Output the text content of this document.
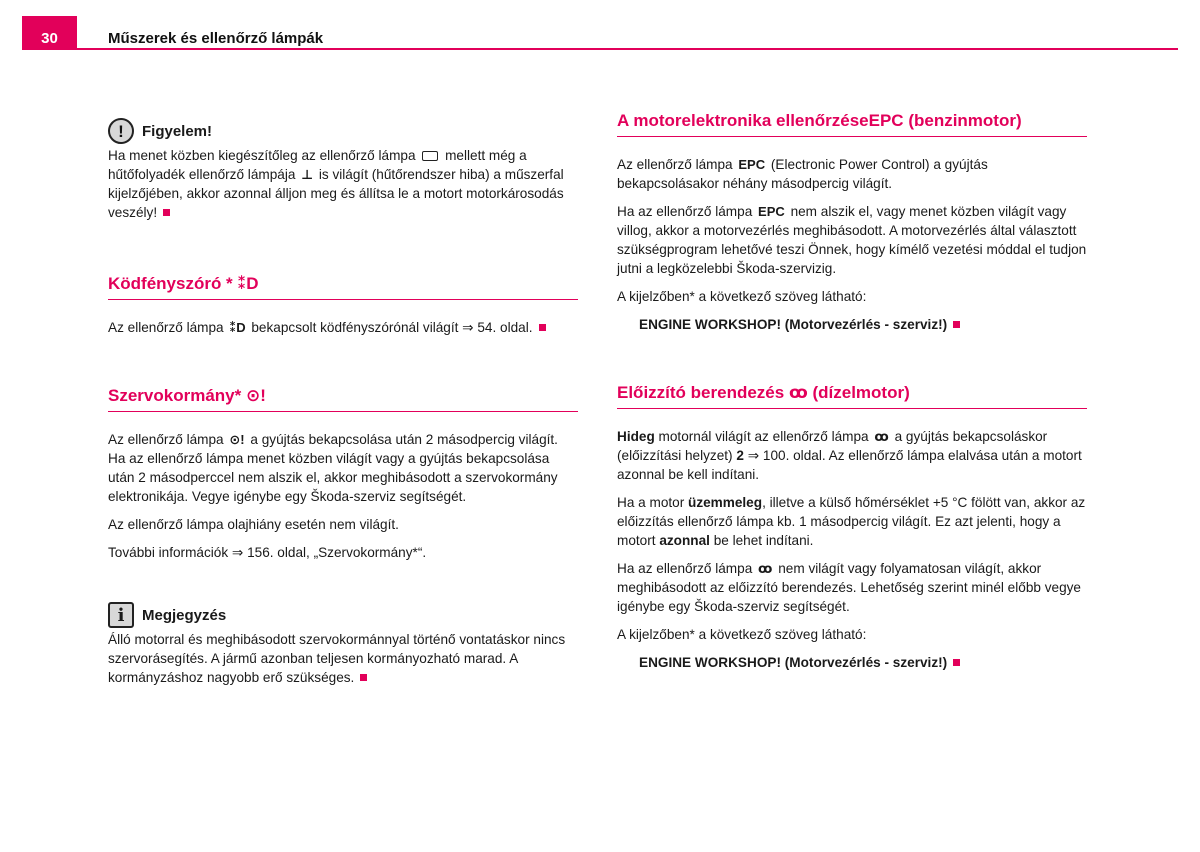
30	Műszerek és ellenőrző lámpák
!	Figyelem!

Ha menet közben kiegészítőleg az ellenőrző lámpa mellett még a hűtőfolyadék ellenőrző lámpája ⊥ is világít (hűtőrendszer hiba) a műszerfal kijelzőjében, akkor azonnal álljon meg és állítsa le a motort motorkárosodás veszély!

Ködfényszóró * ⁑D

Az ellenőrző lámpa ⁑D bekapcsolt ködfényszórónál világít ⇒ 54. oldal.

Szervokormány* ⊙!

Az ellenőrző lámpa ⊙! a gyújtás bekapcsolása után 2 másodpercig világít. Ha az ellenőrző lámpa menet közben világít vagy a gyújtás bekapcsolása után 2 másodperccel nem alszik el, akkor meghibásodott a szervokormány elektronikája. Vegye igénybe egy Škoda-szerviz segítségét.

Az ellenőrző lámpa olajhiány esetén nem világít.

További információk ⇒ 156. oldal, „Szervokormány*“.

i	Megjegyzés

Álló motorral és meghibásodott szervokormánnyal történő vontatáskor nincs szervorásegítés. A jármű azonban teljesen kormányozható marad. A kormányzáshoz nagyobb erő szükséges.

A motorelektronika ellenőrzéseEPC (benzinmotor)

Az ellenőrző lámpa EPC (Electronic Power Control) a gyújtás bekapcsolásakor néhány másodpercig világít.

Ha az ellenőrző lámpa EPC nem alszik el, vagy menet közben világít vagy villog, akkor a motorvezérlés meghibásodott. A motorvezérlés által választott szükségprogram lehetővé teszi Önnek, hogy kímélő vezetési móddal el tudjon jutni a legközelebbi Škoda-szervizig.

A kijelzőben* a következő szöveg látható:

ENGINE WORKSHOP! (Motorvezérlés - szerviz!)

Előizzító berendezés ꝏ (dízelmotor)

Hideg motornál világít az ellenőrző lámpa ꝏ a gyújtás bekapcsoláskor (előizzítási helyzet) 2 ⇒ 100. oldal. Az ellenőrző lámpa elalvása után a motort azonnal be kell indítani.

Ha a motor üzemmeleg, illetve a külső hőmérséklet +5 °C fölött van, akkor az előizzítás ellenőrző lámpa kb. 1 másodpercig világít. Ez azt jelenti, hogy a motort azonnal be lehet indítani.

Ha az ellenőrző lámpa ꝏ nem világít vagy folyamatosan világít, akkor meghibásodott az előizzító berendezés. Lehetőség szerint minél előbb vegye igénybe egy Škoda-szerviz segítségét.

A kijelzőben* a következő szöveg látható:

ENGINE WORKSHOP! (Motorvezérlés - szerviz!)
